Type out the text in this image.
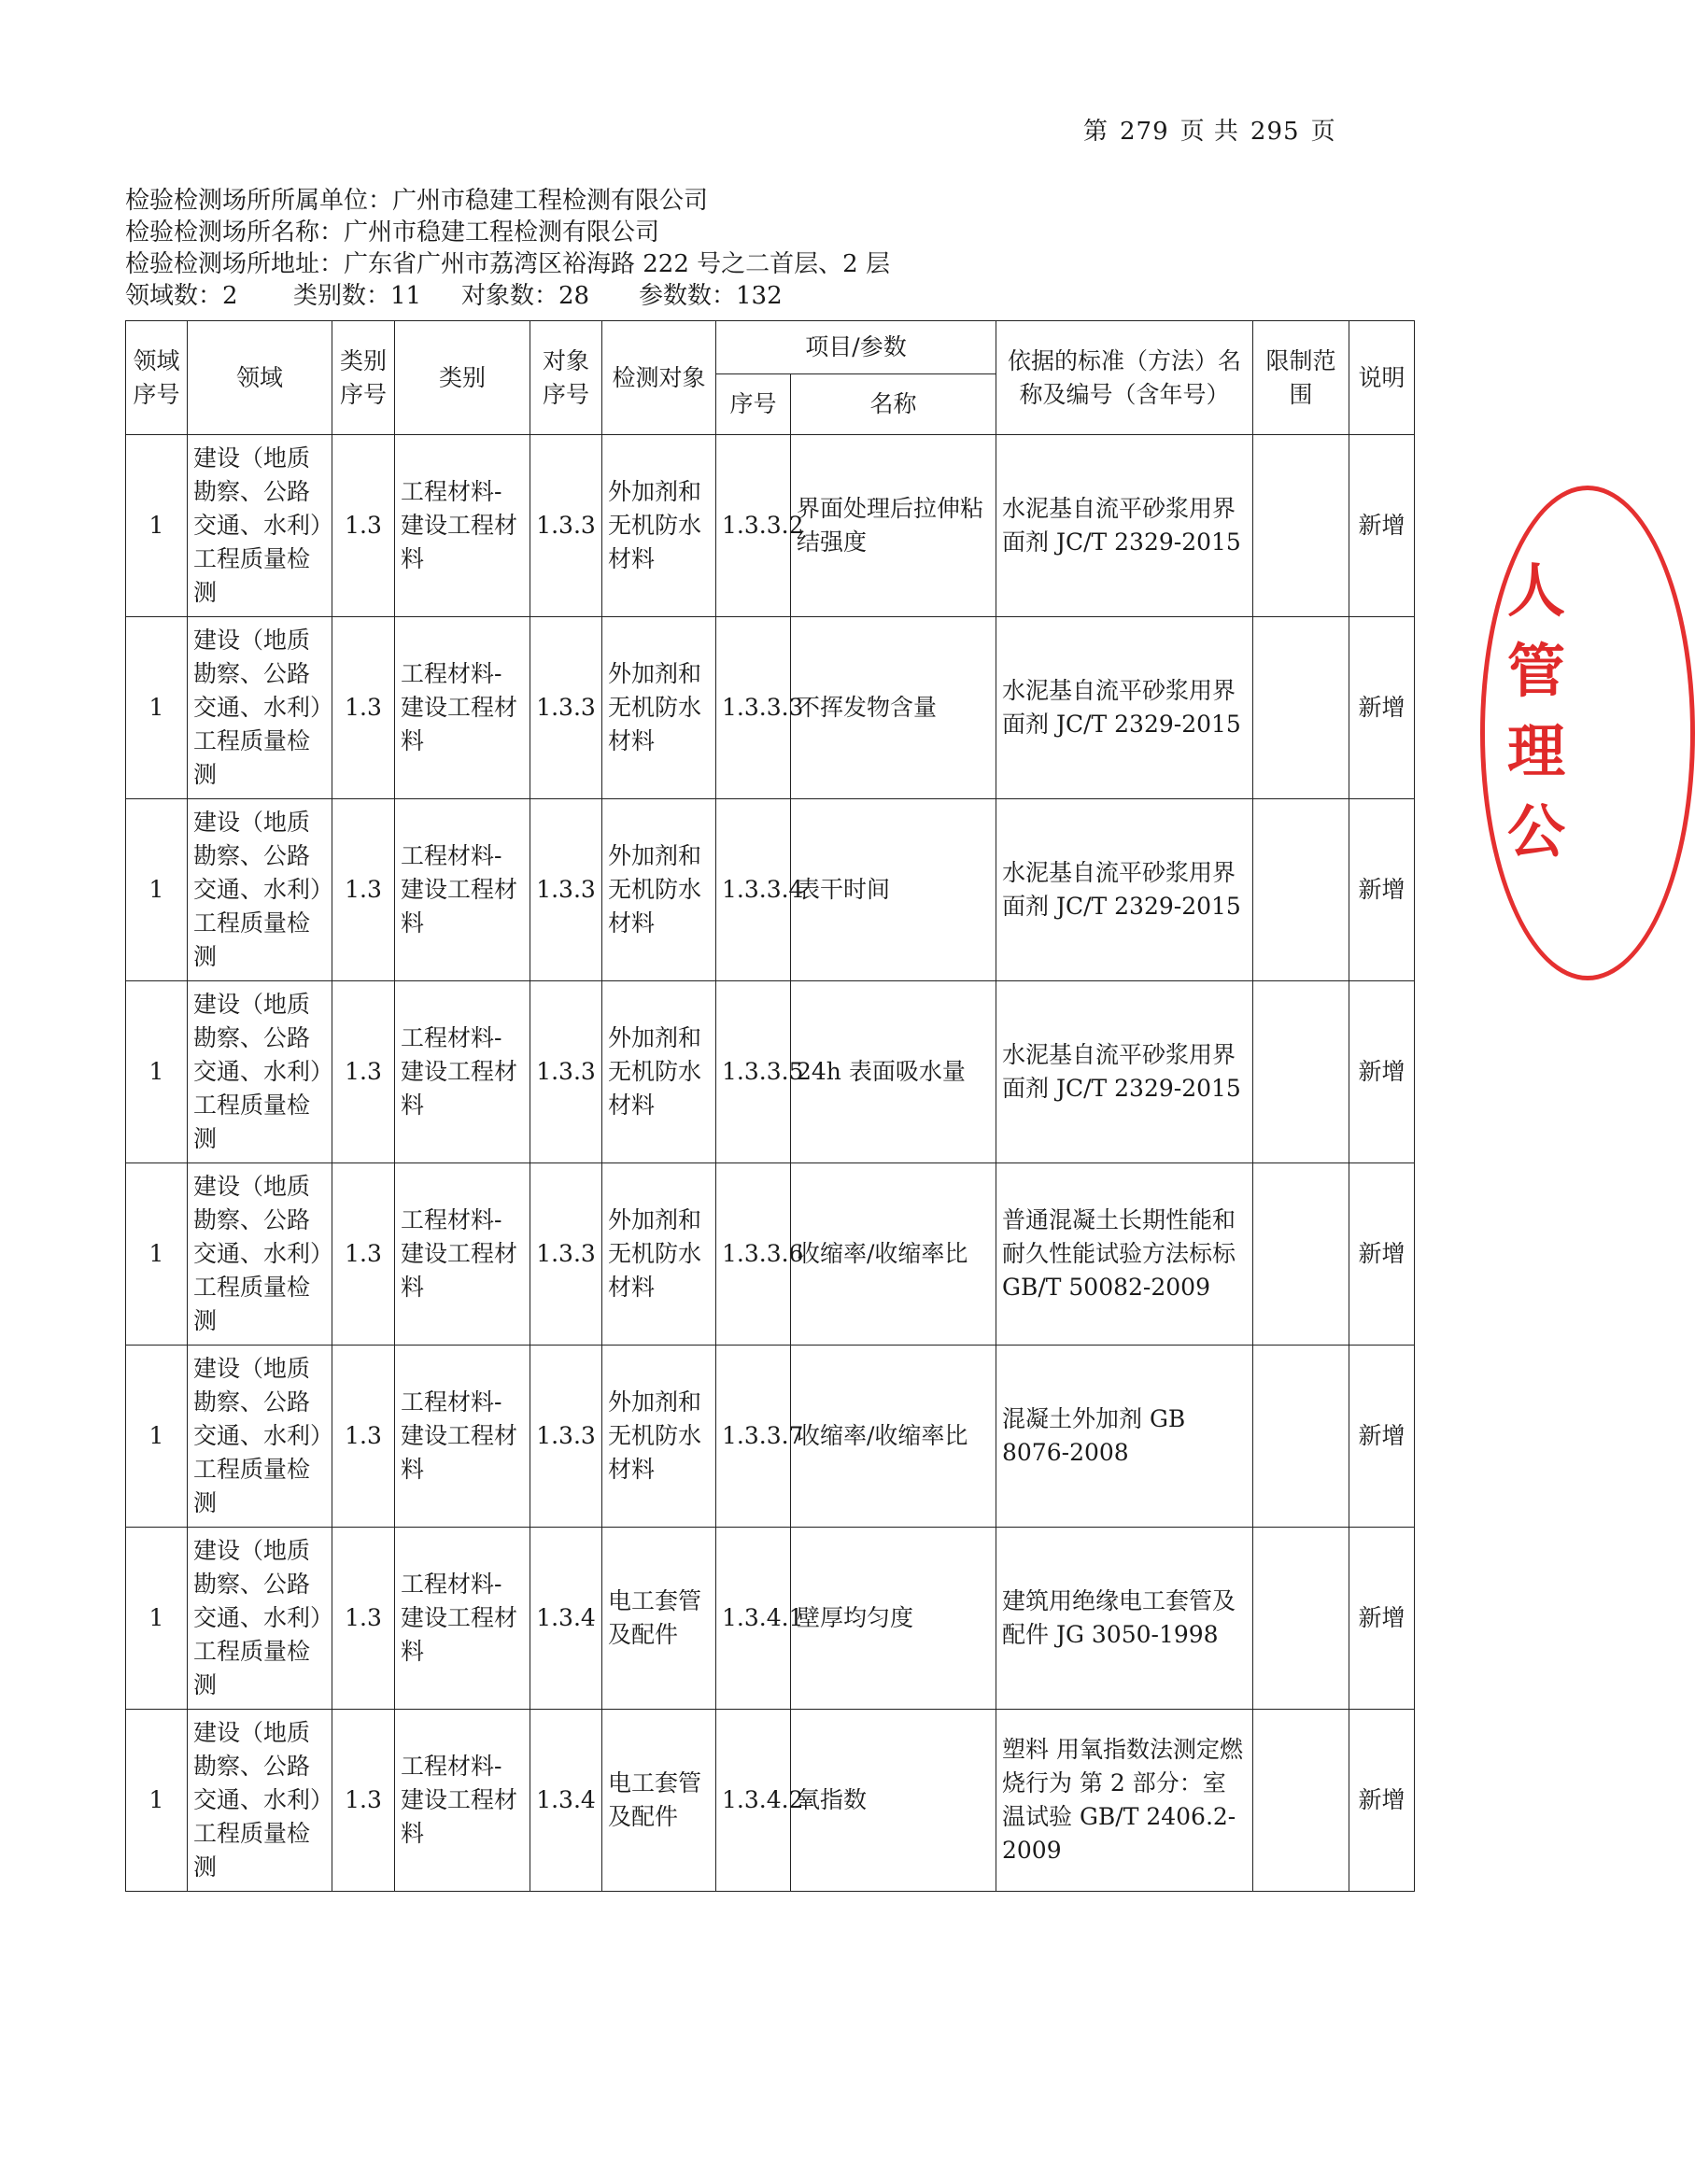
第 279 页 共 295 页
检验检测场所所属单位：广州市稳建工程检测有限公司
检验检测场所名称：广州市稳建工程检测有限公司
检验检测场所地址：广东省广州市荔湾区裕海路 222 号之二首层、2 层
领域数：2 类别数：11 对象数：28 参数数：132
领域序号	领域	类别序号	类别	对象序号	检测对象	项目/参数		依据的标准（方法）名称及编号（含年号）	限制范围	说明
						序号	名称			
1	建设（地质勘察、公路交通、水利）工程质量检测	1.3	工程材料-建设工程材料	1.3.3	外加剂和无机防水材料	1.3.3.2	界面处理后拉伸粘结强度	水泥基自流平砂浆用界面剂 JC/T 2329-2015		新增
1	建设（地质勘察、公路交通、水利）工程质量检测	1.3	工程材料-建设工程材料	1.3.3	外加剂和无机防水材料	1.3.3.3	不挥发物含量	水泥基自流平砂浆用界面剂 JC/T 2329-2015		新增
1	建设（地质勘察、公路交通、水利）工程质量检测	1.3	工程材料-建设工程材料	1.3.3	外加剂和无机防水材料	1.3.3.4	表干时间	水泥基自流平砂浆用界面剂 JC/T 2329-2015		新增
1	建设（地质勘察、公路交通、水利）工程质量检测	1.3	工程材料-建设工程材料	1.3.3	外加剂和无机防水材料	1.3.3.5	24h 表面吸水量	水泥基自流平砂浆用界面剂 JC/T 2329-2015		新增
1	建设（地质勘察、公路交通、水利）工程质量检测	1.3	工程材料-建设工程材料	1.3.3	外加剂和无机防水材料	1.3.3.6	收缩率/收缩率比	普通混凝土长期性能和耐久性能试验方法标标 GB/T 50082-2009		新增
1	建设（地质勘察、公路交通、水利）工程质量检测	1.3	工程材料-建设工程材料	1.3.3	外加剂和无机防水材料	1.3.3.7	收缩率/收缩率比	混凝土外加剂 GB 8076-2008		新增
1	建设（地质勘察、公路交通、水利）工程质量检测	1.3	工程材料-建设工程材料	1.3.4	电工套管及配件	1.3.4.1	壁厚均匀度	建筑用绝缘电工套管及配件 JG 3050-1998		新增
1	建设（地质勘察、公路交通、水利）工程质量检测	1.3	工程材料-建设工程材料	1.3.4	电工套管及配件	1.3.4.2	氧指数	塑料 用氧指数法测定燃烧行为 第 2 部分：室温试验 GB/T 2406.2-2009		新增
人管理公
